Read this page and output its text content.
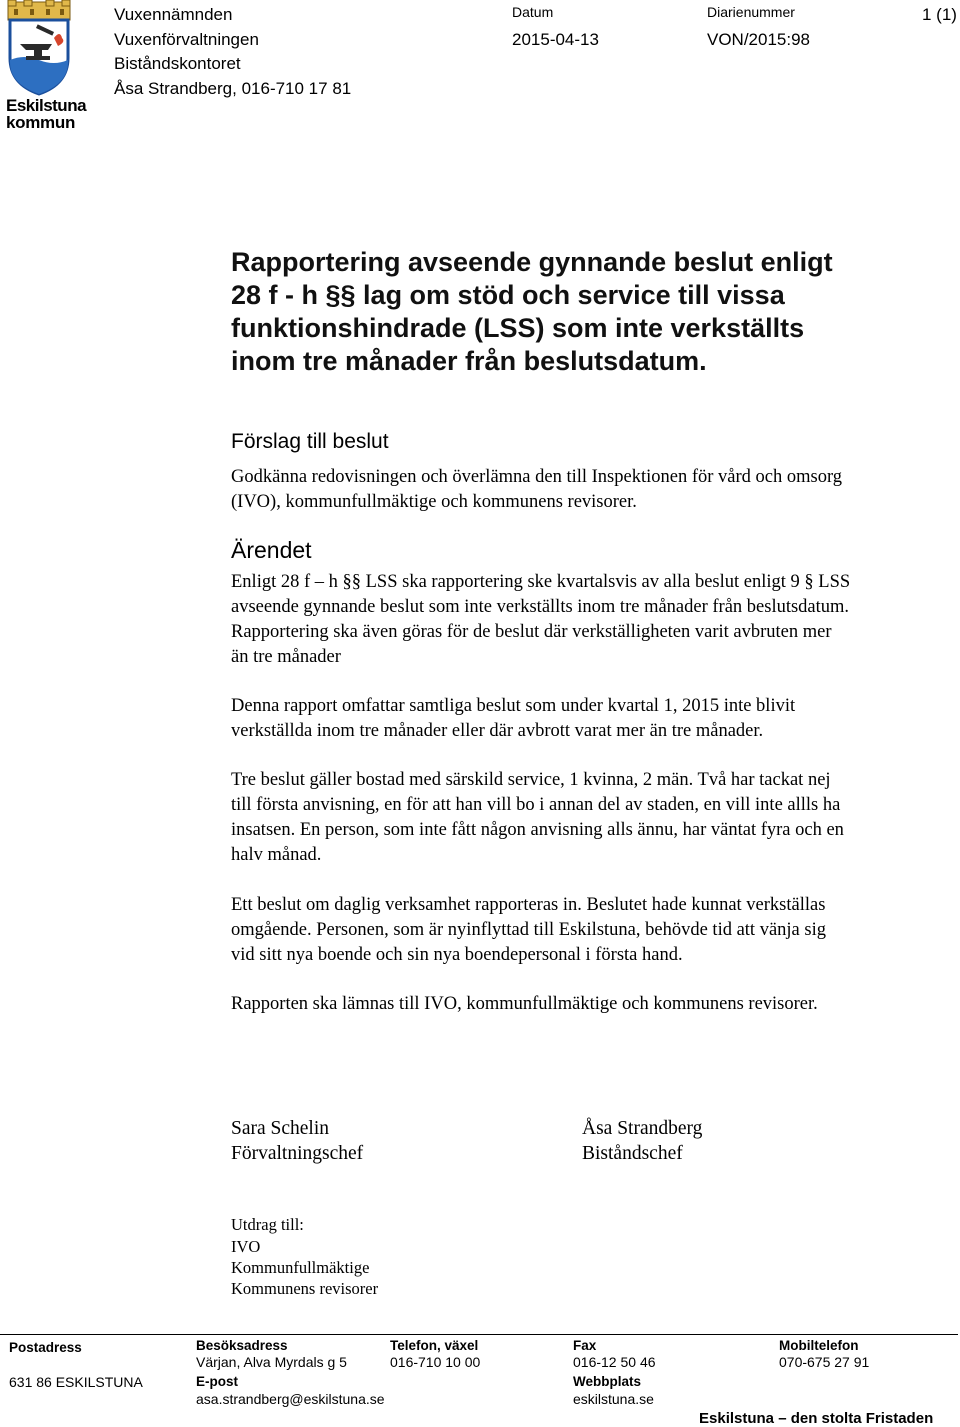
Eskilstuna
kommun
Vuxennämnden
Vuxenförvaltningen
Biståndskontoret
Åsa Strandberg, 016-710 17 81
Datum
2015-04-13
Diarienummer
VON/2015:98
1 (1)
Rapportering avseende gynnande beslut enligt
28 f - h §§ lag om stöd och service till vissa
funktionshindrade (LSS) som inte verkställts
inom tre månader från beslutsdatum.
Förslag till beslut
Godkänna redovisningen och överlämna den till Inspektionen för vård och omsorg
(IVO), kommunfullmäktige och kommunens revisorer.
Ärendet
Enligt 28 f – h §§ LSS ska rapportering ske kvartalsvis av alla beslut enligt 9 § LSS
avseende gynnande beslut som inte verkställts inom tre månader från beslutsdatum.
Rapportering ska även göras för de beslut där verkställigheten varit avbruten mer
än tre månader
Denna rapport omfattar samtliga beslut som under kvartal 1, 2015 inte blivit
verkställda inom tre månader eller där avbrott varat mer än tre månader.
Tre beslut gäller bostad med särskild service, 1 kvinna, 2 män. Två har tackat nej
till första anvisning, en för att han vill bo i annan del av staden, en vill inte allls ha
insatsen. En person, som inte fått någon anvisning alls ännu, har väntat fyra och en
halv månad.
Ett beslut om daglig verksamhet rapporteras in. Beslutet hade kunnat verkställas
omgående. Personen, som är nyinflyttad till Eskilstuna, behövde tid att vänja sig
vid sitt nya boende och sin nya boendepersonal i första hand.
Rapporten ska lämnas till IVO, kommunfullmäktige och kommunens revisorer.
Sara Schelin
Förvaltningschef
Åsa Strandberg
Biståndschef
Utdrag till:
IVO
Kommunfullmäktige
Kommunens revisorer
Postadress
631 86 ESKILSTUNA
Besöksadress
Värjan, Alva Myrdals g 5
E-post
asa.strandberg@eskilstuna.se
Telefon, växel
016-710 10 00
Fax
016-12 50 46
Webbplats
eskilstuna.se
Mobiltelefon
070-675 27 91
Eskilstuna – den stolta Fristaden
